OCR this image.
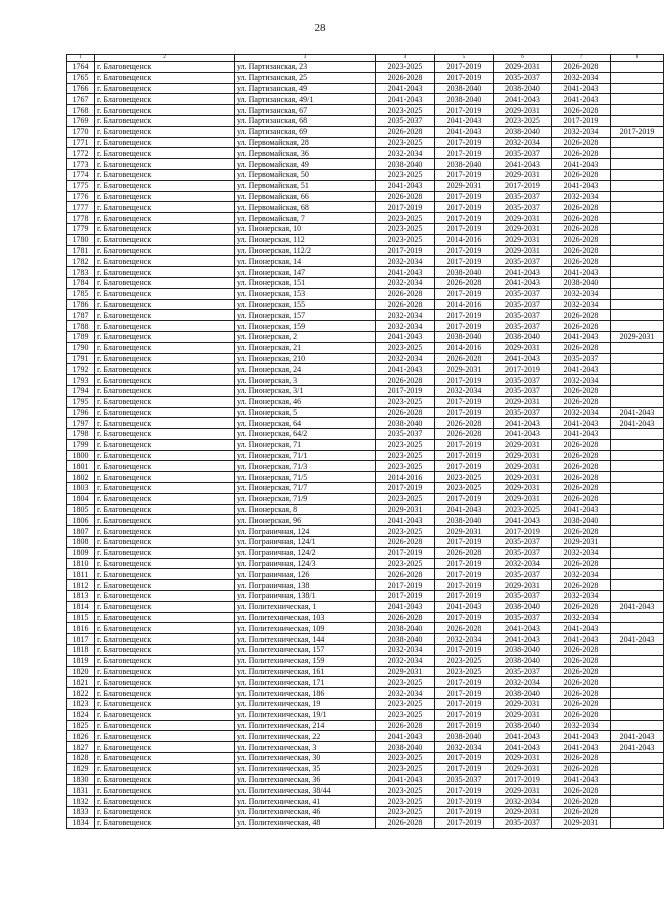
28
1	2	3	4	5	6	7	8
1764	г. Благовещенск	ул. Партизанская, 23	2023-2025	2017-2019	2029-2031	2026-2028	
1765	г. Благовещенск	ул. Партизанская, 25	2026-2028	2017-2019	2035-2037	2032-2034	
1766	г. Благовещенск	ул. Партизанская, 49	2041-2043	2038-2040	2038-2040	2041-2043	
1767	г. Благовещенск	ул. Партизанская, 49/1	2041-2043	2038-2040	2041-2043	2041-2043	
1768	г. Благовещенск	ул. Партизанская, 67	2023-2025	2017-2019	2029-2031	2026-2028	
1769	г. Благовещенск	ул. Партизанская, 68	2035-2037	2041-2043	2023-2025	2017-2019	
1770	г. Благовещенск	ул. Партизанская, 69	2026-2028	2041-2043	2038-2040	2032-2034	2017-2019
1771	г. Благовещенск	ул. Первомайская, 28	2023-2025	2017-2019	2032-2034	2026-2028	
1772	г. Благовещенск	ул. Первомайская, 36	2032-2034	2017-2019	2035-2037	2026-2028	
1773	г. Благовещенск	ул. Первомайская, 49	2038-2040	2038-2040	2041-2043	2041-2043	
1774	г. Благовещенск	ул. Первомайская, 50	2023-2025	2017-2019	2029-2031	2026-2028	
1775	г. Благовещенск	ул. Первомайская, 51	2041-2043	2029-2031	2017-2019	2041-2043	
1776	г. Благовещенск	ул. Первомайская, 66	2026-2028	2017-2019	2035-2037	2032-2034	
1777	г. Благовещенск	ул. Первомайская, 68	2017-2019	2017-2019	2035-2037	2026-2028	
1778	г. Благовещенск	ул. Первомайская, 7	2023-2025	2017-2019	2029-2031	2026-2028	
1779	г. Благовещенск	ул. Пионерская, 10	2023-2025	2017-2019	2029-2031	2026-2028	
1780	г. Благовещенск	ул. Пионерская, 112	2023-2025	2014-2016	2029-2031	2026-2028	
1781	г. Благовещенск	ул. Пионерская, 112/2	2017-2019	2017-2019	2029-2031	2026-2028	
1782	г. Благовещенск	ул. Пионерская, 14	2032-2034	2017-2019	2035-2037	2026-2028	
1783	г. Благовещенск	ул. Пионерская, 147	2041-2043	2038-2040	2041-2043	2041-2043	
1784	г. Благовещенск	ул. Пионерская, 151	2032-2034	2026-2028	2041-2043	2038-2040	
1785	г. Благовещенск	ул. Пионерская, 153	2026-2028	2017-2019	2035-2037	2032-2034	
1786	г. Благовещенск	ул. Пионерская, 155	2026-2028	2014-2016	2035-2037	2032-2034	
1787	г. Благовещенск	ул. Пионерская, 157	2032-2034	2017-2019	2035-2037	2026-2028	
1788	г. Благовещенск	ул. Пионерская, 159	2032-2034	2017-2019	2035-2037	2026-2028	
1789	г. Благовещенск	ул. Пионерская, 2	2041-2043	2038-2040	2038-2040	2041-2043	2029-2031
1790	г. Благовещенск	ул. Пионерская, 21	2023-2025	2014-2016	2029-2031	2026-2028	
1791	г. Благовещенск	ул. Пионерская, 210	2032-2034	2026-2028	2041-2043	2035-2037	
1792	г. Благовещенск	ул. Пионерская, 24	2041-2043	2029-2031	2017-2019	2041-2043	
1793	г. Благовещенск	ул. Пионерская, 3	2026-2028	2017-2019	2035-2037	2032-2034	
1794	г. Благовещенск	ул. Пионерская, 3/1	2017-2019	2032-2034	2035-2037	2026-2028	
1795	г. Благовещенск	ул. Пионерская, 46	2023-2025	2017-2019	2029-2031	2026-2028	
1796	г. Благовещенск	ул. Пионерская, 5	2026-2028	2017-2019	2035-2037	2032-2034	2041-2043
1797	г. Благовещенск	ул. Пионерская, 64	2038-2040	2026-2028	2041-2043	2041-2043	2041-2043
1798	г. Благовещенск	ул. Пионерская, 64/2	2035-2037	2026-2028	2041-2043	2041-2043	
1799	г. Благовещенск	ул. Пионерская, 71	2023-2025	2017-2019	2029-2031	2026-2028	
1800	г. Благовещенск	ул. Пионерская, 71/1	2023-2025	2017-2019	2029-2031	2026-2028	
1801	г. Благовещенск	ул. Пионерская, 71/3	2023-2025	2017-2019	2029-2031	2026-2028	
1802	г. Благовещенск	ул. Пионерская, 71/5	2014-2016	2023-2025	2029-2031	2026-2028	
1803	г. Благовещенск	ул. Пионерская, 71/7	2017-2019	2023-2025	2029-2031	2026-2028	
1804	г. Благовещенск	ул. Пионерская, 71/9	2023-2025	2017-2019	2029-2031	2026-2028	
1805	г. Благовещенск	ул. Пионерская, 8	2029-2031	2041-2043	2023-2025	2041-2043	
1806	г. Благовещенск	ул. Пионерская, 96	2041-2043	2038-2040	2041-2043	2038-2040	
1807	г. Благовещенск	ул. Пограничная, 124	2023-2025	2029-2031	2017-2019	2026-2028	
1808	г. Благовещенск	ул. Пограничная, 124/1	2026-2028	2017-2019	2035-2037	2029-2031	
1809	г. Благовещенск	ул. Пограничная, 124/2	2017-2019	2026-2028	2035-2037	2032-2034	
1810	г. Благовещенск	ул. Пограничная, 124/3	2023-2025	2017-2019	2032-2034	2026-2028	
1811	г. Благовещенск	ул. Пограничная, 126	2026-2028	2017-2019	2035-2037	2032-2034	
1812	г. Благовещенск	ул. Пограничная, 138	2017-2019	2017-2019	2029-2031	2026-2028	
1813	г. Благовещенск	ул. Пограничная, 138/1	2017-2019	2017-2019	2035-2037	2032-2034	
1814	г. Благовещенск	ул. Политехническая, 1	2041-2043	2041-2043	2038-2040	2026-2028	2041-2043
1815	г. Благовещенск	ул. Политехническая, 103	2026-2028	2017-2019	2035-2037	2032-2034	
1816	г. Благовещенск	ул. Политехническая, 109	2038-2040	2026-2028	2041-2043	2041-2043	
1817	г. Благовещенск	ул. Политехническая, 144	2038-2040	2032-2034	2041-2043	2041-2043	2041-2043
1818	г. Благовещенск	ул. Политехническая, 157	2032-2034	2017-2019	2038-2040	2026-2028	
1819	г. Благовещенск	ул. Политехническая, 159	2032-2034	2023-2025	2038-2040	2026-2028	
1820	г. Благовещенск	ул. Политехническая, 161	2029-2031	2023-2025	2035-2037	2026-2028	
1821	г. Благовещенск	ул. Политехническая, 171	2023-2025	2017-2019	2032-2034	2026-2028	
1822	г. Благовещенск	ул. Политехническая, 186	2032-2034	2017-2019	2038-2040	2026-2028	
1823	г. Благовещенск	ул. Политехническая, 19	2023-2025	2017-2019	2029-2031	2026-2028	
1824	г. Благовещенск	ул. Политехническая, 19/1	2023-2025	2017-2019	2029-2031	2026-2028	
1825	г. Благовещенск	ул. Политехническая, 214	2026-2028	2017-2019	2038-2040	2032-2034	
1826	г. Благовещенск	ул. Политехническая, 22	2041-2043	2038-2040	2041-2043	2041-2043	2041-2043
1827	г. Благовещенск	ул. Политехническая, 3	2038-2040	2032-2034	2041-2043	2041-2043	2041-2043
1828	г. Благовещенск	ул. Политехническая, 30	2023-2025	2017-2019	2029-2031	2026-2028	
1829	г. Благовещенск	ул. Политехническая, 35	2023-2025	2017-2019	2029-2031	2026-2028	
1830	г. Благовещенск	ул. Политехническая, 36	2041-2043	2035-2037	2017-2019	2041-2043	
1831	г. Благовещенск	ул. Политехническая, 38/44	2023-2025	2017-2019	2029-2031	2026-2028	
1832	г. Благовещенск	ул. Политехническая, 41	2023-2025	2017-2019	2032-2034	2026-2028	
1833	г. Благовещенск	ул. Политехническая, 46	2023-2025	2017-2019	2029-2031	2026-2028	
1834	г. Благовещенск	ул. Политехническая, 48	2026-2028	2017-2019	2035-2037	2029-2031	
